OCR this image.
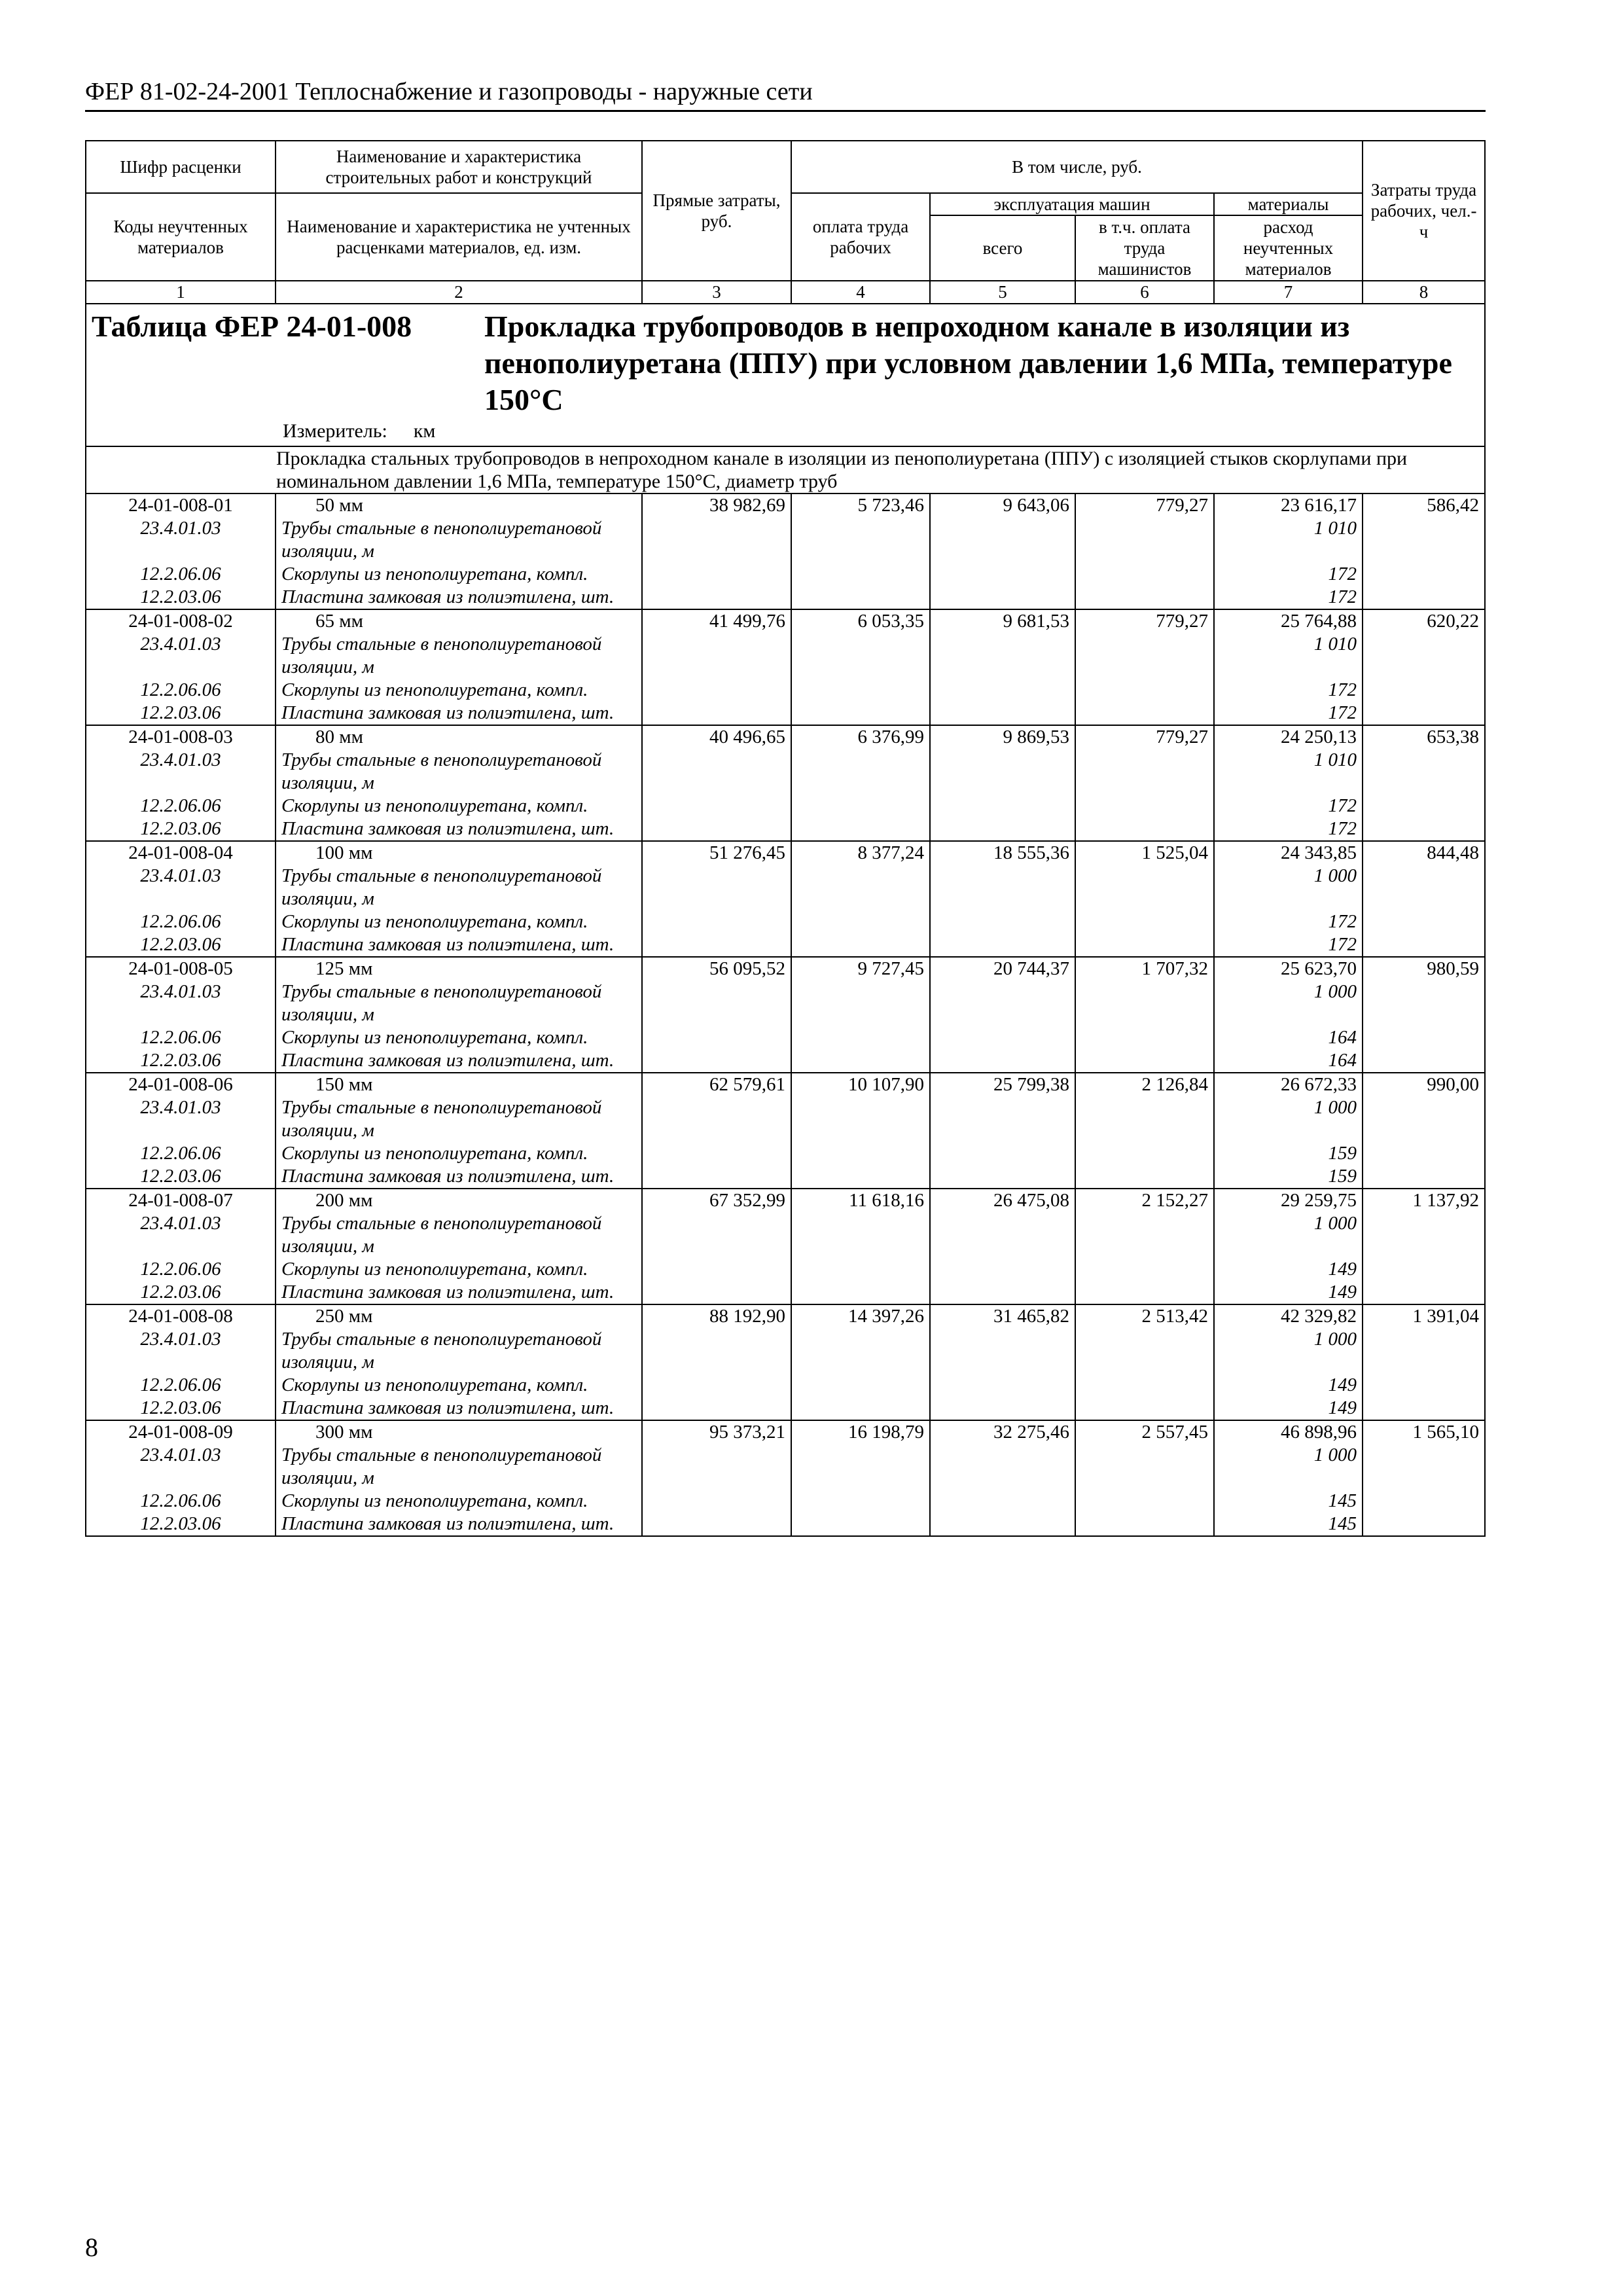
ФЕР 81-02-24-2001 Теплоснабжение и газопроводы - наружные сети
Шифр расценки	Наименование и характеристика строительных работ и конструкций	Прямые затраты, руб.	В том числе, руб.				Затраты труда рабочих, чел.-ч
Коды неучтенных материалов	Наименование и характеристика не учтенных расценками материалов, ед. изм.		оплата труда рабочих	эксплуатация машин		материалы	
				всего	в т.ч. оплата труда машинистов	расход неучтенных материалов	

1	2	3	4	5	6	7	8

Таблица ФЕР 24-01-008 Прокладка трубопроводов в непроходном канале в изоляции из пенополиуретана (ППУ) при условном давлении 1,6 МПа, температуре 150°С
Измеритель: км							

Прокладка стальных трубопроводов в непроходном канале в изоляции из пенополиуретана (ППУ) с изоляцией стыков скорлупами при номинальном давлении 1,6 МПа, температуре 150°С, диаметр труб							
24-01-008-01	50 мм	38 982,69	5 723,46	9 643,06	779,27	23 616,17	586,42
23.4.01.03	Трубы стальные в пенополиуретановой изоляции, м					1 010	
12.2.06.06	Скорлупы из пенополиуретана, компл.					172	
12.2.03.06	Пластина замковая из полиэтилена, шт.					172	
24-01-008-02	65 мм	41 499,76	6 053,35	9 681,53	779,27	25 764,88	620,22
23.4.01.03	Трубы стальные в пенополиуретановой изоляции, м					1 010	
12.2.06.06	Скорлупы из пенополиуретана, компл.					172	
12.2.03.06	Пластина замковая из полиэтилена, шт.					172	
24-01-008-03	80 мм	40 496,65	6 376,99	9 869,53	779,27	24 250,13	653,38
23.4.01.03	Трубы стальные в пенополиуретановой изоляции, м					1 010	
12.2.06.06	Скорлупы из пенополиуретана, компл.					172	
12.2.03.06	Пластина замковая из полиэтилена, шт.					172	
24-01-008-04	100 мм	51 276,45	8 377,24	18 555,36	1 525,04	24 343,85	844,48
23.4.01.03	Трубы стальные в пенополиуретановой изоляции, м					1 000	
12.2.06.06	Скорлупы из пенополиуретана, компл.					172	
12.2.03.06	Пластина замковая из полиэтилена, шт.					172	
24-01-008-05	125 мм	56 095,52	9 727,45	20 744,37	1 707,32	25 623,70	980,59
23.4.01.03	Трубы стальные в пенополиуретановой изоляции, м					1 000	
12.2.06.06	Скорлупы из пенополиуретана, компл.					164	
12.2.03.06	Пластина замковая из полиэтилена, шт.					164	
24-01-008-06	150 мм	62 579,61	10 107,90	25 799,38	2 126,84	26 672,33	990,00
23.4.01.03	Трубы стальные в пенополиуретановой изоляции, м					1 000	
12.2.06.06	Скорлупы из пенополиуретана, компл.					159	
12.2.03.06	Пластина замковая из полиэтилена, шт.					159	
24-01-008-07	200 мм	67 352,99	11 618,16	26 475,08	2 152,27	29 259,75	1 137,92
23.4.01.03	Трубы стальные в пенополиуретановой изоляции, м					1 000	
12.2.06.06	Скорлупы из пенополиуретана, компл.					149	
12.2.03.06	Пластина замковая из полиэтилена, шт.					149	
24-01-008-08	250 мм	88 192,90	14 397,26	31 465,82	2 513,42	42 329,82	1 391,04
23.4.01.03	Трубы стальные в пенополиуретановой изоляции, м					1 000	
12.2.06.06	Скорлупы из пенополиуретана, компл.					149	
12.2.03.06	Пластина замковая из полиэтилена, шт.					149	
24-01-008-09	300 мм	95 373,21	16 198,79	32 275,46	2 557,45	46 898,96	1 565,10
23.4.01.03	Трубы стальные в пенополиуретановой изоляции, м					1 000	
12.2.06.06	Скорлупы из пенополиуретана, компл.					145	
12.2.03.06	Пластина замковая из полиэтилена, шт.					145	
8
